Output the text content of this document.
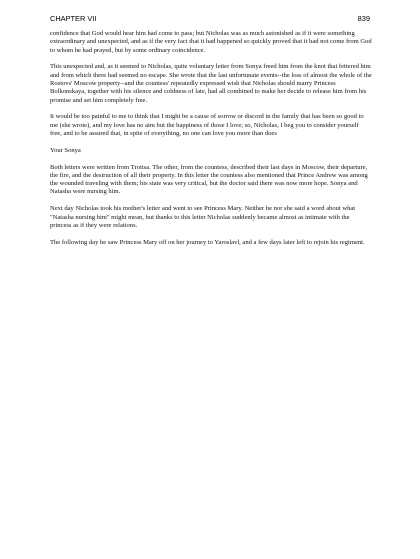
CHAPTER VII	839

confidence that God would hear him had come to pass; but Nicholas was as much astonished as if it were something extraordinary and unexpected, and as if the very fact that it had happened so quickly proved that it had not come from God to whom he had prayed, but by some ordinary coincidence.

This unexpected and, as it seemed to Nicholas, quite voluntary letter from Sonya freed him from the knot that fettered him and from which there had seemed no escape. She wrote that the last unfortunate events--the loss of almost the whole of the Rostovs' Moscow property--and the countess' repeatedly expressed wish that Nicholas should marry Princess Bolkonskaya, together with his silence and coldness of late, had all combined to make her decide to release him from his promise and set him completely free.

It would be too painful to me to think that I might be a cause of sorrow or discord in the family that has been so good to me (she wrote), and my love has no aim but the happiness of those I love; so, Nicholas, I beg you to consider yourself free, and to be assured that, in spite of everything, no one can love you more than does

Your Sonya

Both letters were written from Troitsa. The other, from the countess, described their last days in Moscow, their departure, the fire, and the destruction of all their property. In this letter the countess also mentioned that Prince Andrew was among the wounded traveling with them; his state was very critical, but the doctor said there was now more hope. Sonya and Natasha were nursing him.

Next day Nicholas took his mother's letter and went to see Princess Mary. Neither he nor she said a word about what "Natasha nursing him" might mean, but thanks to this letter Nicholas suddenly became almost as intimate with the princess as if they were relations.

The following day he saw Princess Mary off on her journey to Yaroslavl, and a few days later left to rejoin his regiment.
